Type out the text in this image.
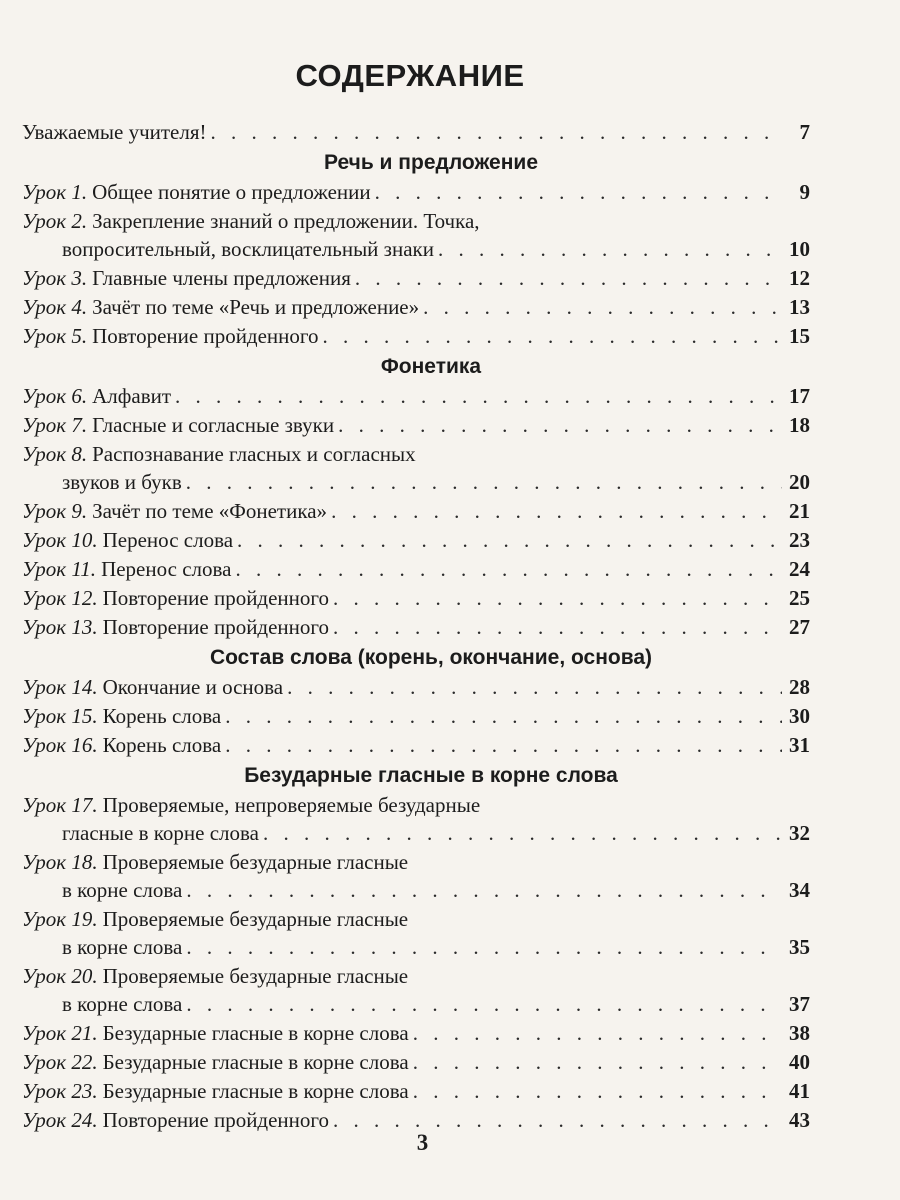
СОДЕРЖАНИЕ
Уважаемые учителя! . . .	7
Речь и предложение
Урок 1. Общее понятие о предложении . . .	9
Урок 2. Закрепление знаний о предложении. Точка,
вопросительный, восклицательный знаки . . .	10
Урок 3. Главные члены предложения . . .	12
Урок 4. Зачёт по теме «Речь и предложение» . . .	13
Урок 5. Повторение пройденного . . .	15
Фонетика
Урок 6. Алфавит . . .	17
Урок 7. Гласные и согласные звуки . . .	18
Урок 8. Распознавание гласных и согласных
звуков и букв . . .	20
Урок 9. Зачёт по теме «Фонетика» . . .	21
Урок 10. Перенос слова . . .	23
Урок 11. Перенос слова . . .	24
Урок 12. Повторение пройденного . . .	25
Урок 13. Повторение пройденного . . .	27
Состав слова (корень, окончание, основа)
Урок 14. Окончание и основа . . .	28
Урок 15. Корень слова . . .	30
Урок 16. Корень слова . . .	31
Безударные гласные в корне слова
Урок 17. Проверяемые, непроверяемые безударные
гласные в корне слова . . .	32
Урок 18. Проверяемые безударные гласные
в корне слова . . .	34
Урок 19. Проверяемые безударные гласные
в корне слова . . .	35
Урок 20. Проверяемые безударные гласные
в корне слова . . .	37
Урок 21. Безударные гласные в корне слова . . .	38
Урок 22. Безударные гласные в корне слова . . .	40
Урок 23. Безударные гласные в корне слова . . .	41
Урок 24. Повторение пройденного . . .	43
3
